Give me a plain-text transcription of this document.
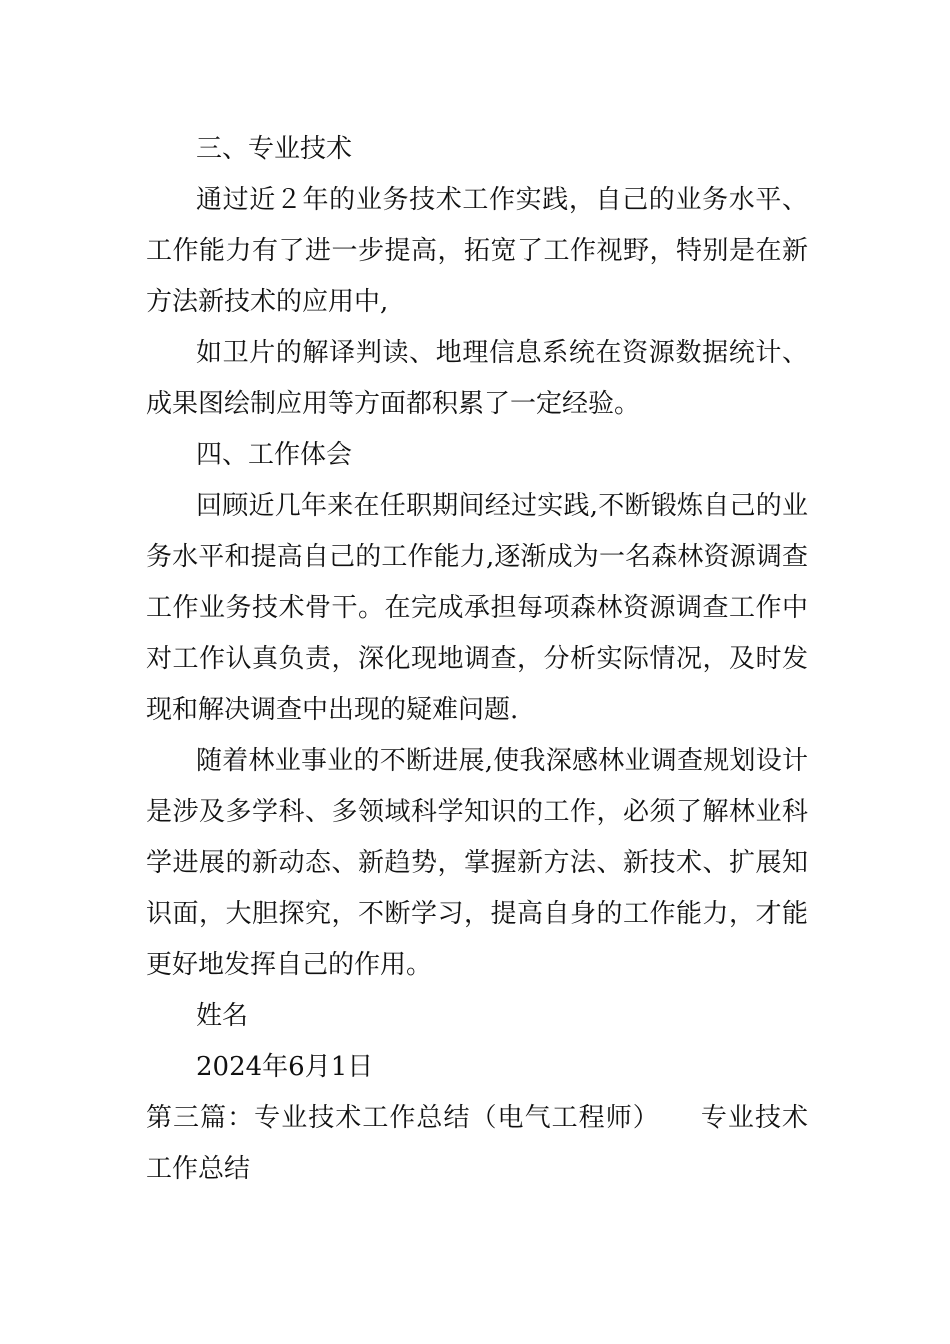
三、专业技术

通过近２年的业务技术工作实践，自己的业务水平、工作能力有了进一步提高，拓宽了工作视野，特别是在新方法新技术的应用中,

如卫片的解译判读、地理信息系统在资源数据统计、成果图绘制应用等方面都积累了一定经验。

四、工作体会

回顾近几年来在任职期间经过实践,不断锻炼自己的业务水平和提高自己的工作能力,逐渐成为一名森林资源调查工作业务技术骨干。在完成承担每项森林资源调查工作中对工作认真负责，深化现地调查，分析实际情况，及时发现和解决调查中出现的疑难问题.

随着林业事业的不断进展,使我深感林业调查规划设计是涉及多学科、多领域科学知识的工作，必须了解林业科学进展的新动态、新趋势，掌握新方法、新技术、扩展知识面，大胆探究，不断学习，提高自身的工作能力，才能更好地发挥自己的作用。

姓名

2024年6月1日

第三篇：专业技术工作总结（电气工程师）　　专业技术工作总结
